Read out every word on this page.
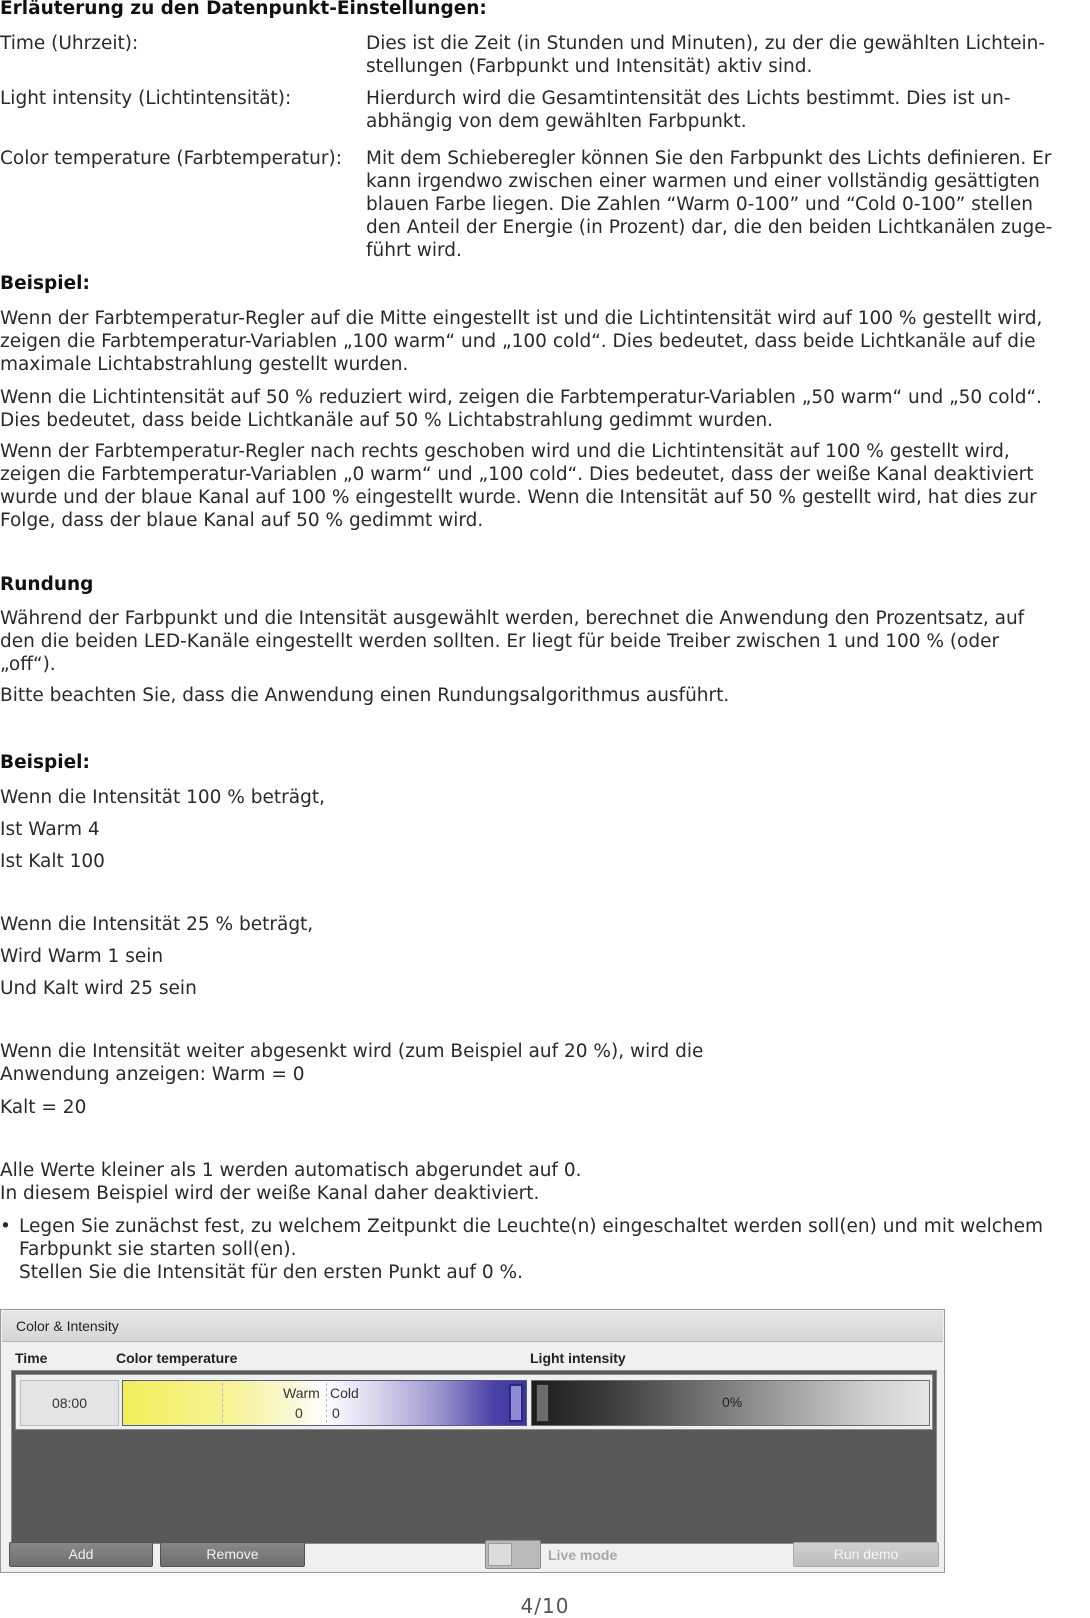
Erläuterung zu den Datenpunkt-Einstellungen:
Time (Uhrzeit):	Dies ist die Zeit (in Stunden und Minuten), zu der die gewählten Lichtein-
stellungen (Farbpunkt und Intensität) aktiv sind.
Light intensity (Lichtintensität):	Hierdurch wird die Gesamtintensität des Lichts bestimmt. Dies ist un-
abhängig von dem gewählten Farbpunkt.
Color temperature (Farbtemperatur):	Mit dem Schieberegler können Sie den Farbpunkt des Lichts definieren. Er
kann irgendwo zwischen einer warmen und einer vollständig gesättigten
blauen Farbe liegen. Die Zahlen “Warm 0-100” und “Cold 0-100” stellen
den Anteil der Energie (in Prozent) dar, die den beiden Lichtkanälen zuge-
führt wird.
Beispiel:
Wenn der Farbtemperatur-Regler auf die Mitte eingestellt ist und die Lichtintensität wird auf 100 % gestellt wird,
zeigen die Farbtemperatur-Variablen „100 warm“ und „100 cold“. Dies bedeutet, dass beide Lichtkanäle auf die
maximale Lichtabstrahlung gestellt wurden.
Wenn die Lichtintensität auf 50 % reduziert wird, zeigen die Farbtemperatur-Variablen „50 warm“ und „50 cold“.
Dies bedeutet, dass beide Lichtkanäle auf 50 % Lichtabstrahlung gedimmt wurden.
Wenn der Farbtemperatur-Regler nach rechts geschoben wird und die Lichtintensität auf 100 % gestellt wird,
zeigen die Farbtemperatur-Variablen „0 warm“ und „100 cold“. Dies bedeutet, dass der weiße Kanal deaktiviert
wurde und der blaue Kanal auf 100 % eingestellt wurde. Wenn die Intensität auf 50 % gestellt wird, hat dies zur
Folge, dass der blaue Kanal auf 50 % gedimmt wird.
Rundung
Während der Farbpunkt und die Intensität ausgewählt werden, berechnet die Anwendung den Prozentsatz, auf
den die beiden LED-Kanäle eingestellt werden sollten. Er liegt für beide Treiber zwischen 1 und 100 % (oder
„off“).
Bitte beachten Sie, dass die Anwendung einen Rundungsalgorithmus ausführt.
Beispiel:
Wenn die Intensität 100 % beträgt,
Ist Warm 4
Ist Kalt 100
Wenn die Intensität 25 % beträgt,
Wird Warm 1 sein
Und Kalt wird 25 sein
Wenn die Intensität weiter abgesenkt wird (zum Beispiel auf 20 %), wird die
Anwendung anzeigen: Warm = 0
Kalt = 20
Alle Werte kleiner als 1 werden automatisch abgerundet auf 0.
In diesem Beispiel wird der weiße Kanal daher deaktiviert.
• Legen Sie zunächst fest, zu welchem Zeitpunkt die Leuchte(n) eingeschaltet werden soll(en) und mit welchem
Farbpunkt sie starten soll(en).
Stellen Sie die Intensität für den ersten Punkt auf 0 %.
Color & Intensity
Time	Color temperature	Light intensity
08:00
Warm
0
Cold
0
0%
Add	Remove	Live mode	Run demo
4/10
